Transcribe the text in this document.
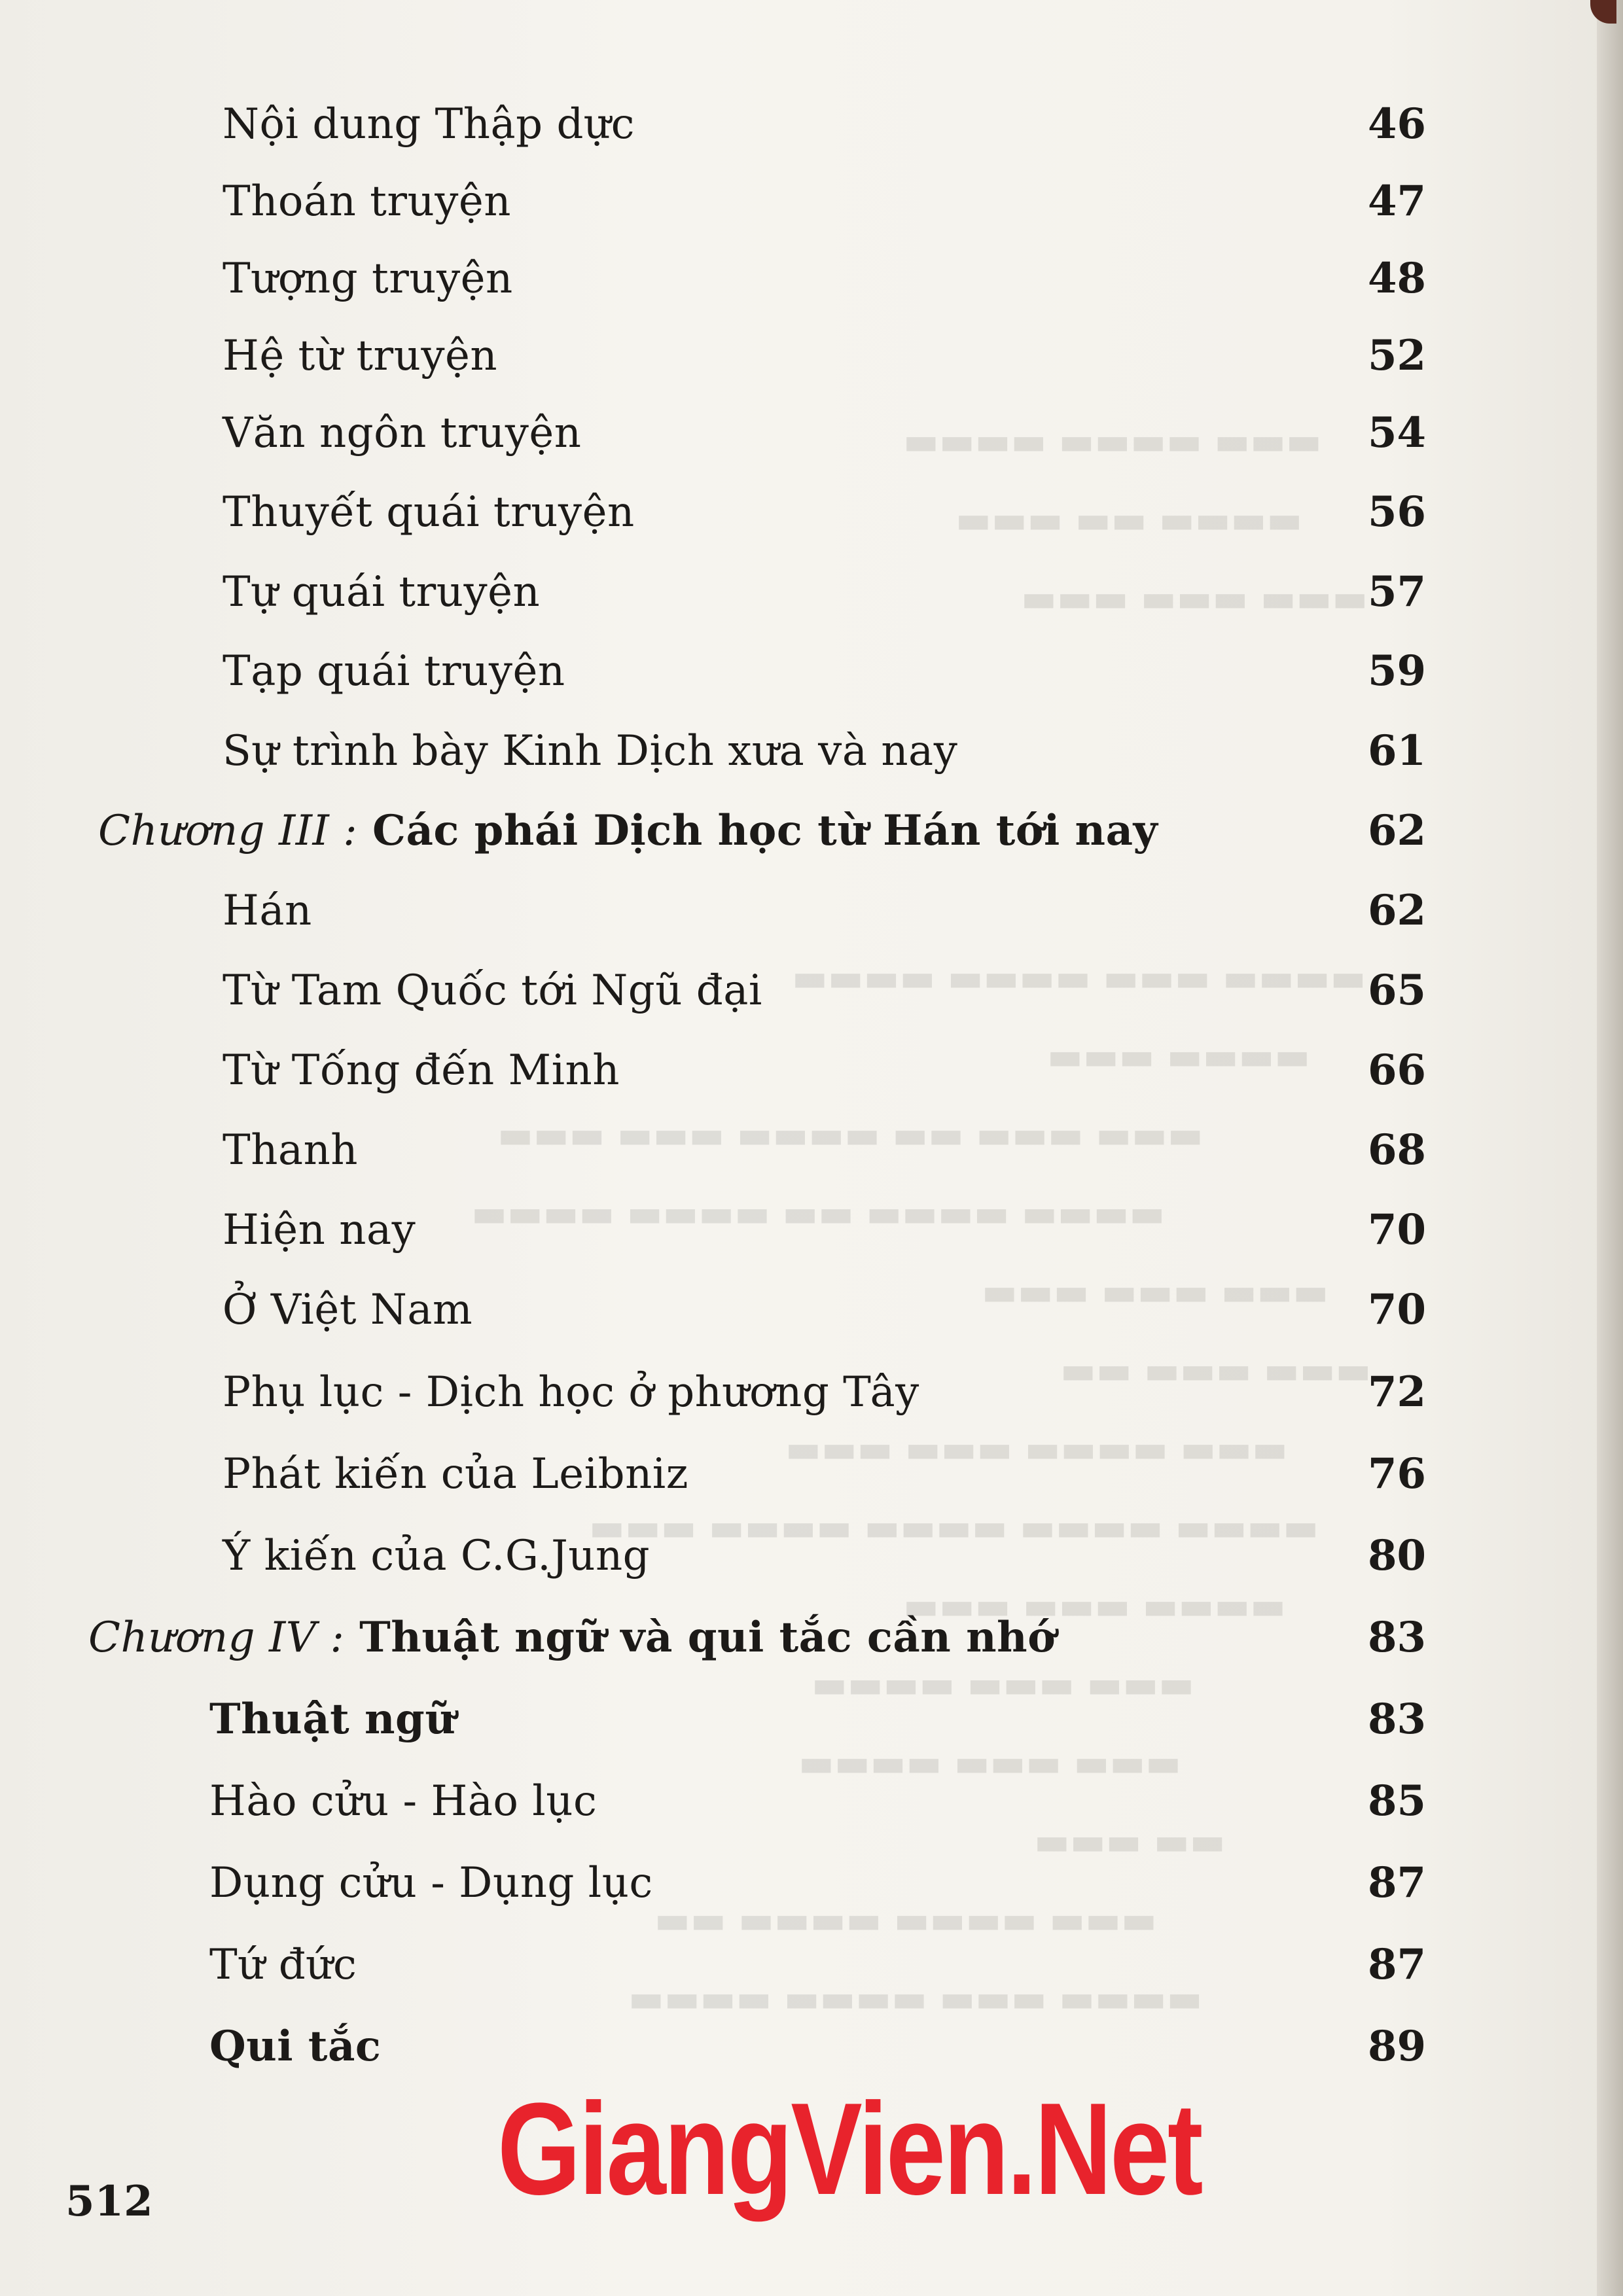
▬▬▬ ▬▬▬▬ ▬▬▬▬
▬▬▬▬ ▬▬ ▬▬▬
▬▬▬ ▬▬▬ ▬▬▬
▬▬▬▬ ▬▬▬ ▬▬▬▬ ▬▬▬▬
▬▬▬▬ ▬▬▬
▬▬▬ ▬▬▬ ▬▬ ▬▬▬▬ ▬▬▬ ▬▬▬
▬▬▬▬ ▬▬▬▬ ▬▬ ▬▬▬▬ ▬▬▬▬
▬▬▬ ▬▬▬ ▬▬▬
▬▬▬ ▬▬▬ ▬▬
▬▬▬ ▬▬▬▬ ▬▬▬ ▬▬▬
▬▬▬▬ ▬▬▬▬ ▬▬▬▬ ▬▬▬▬ ▬▬▬
▬▬▬▬ ▬▬▬ ▬▬▬
▬▬▬ ▬▬▬ ▬▬▬▬
▬▬▬ ▬▬▬ ▬▬▬▬
▬▬ ▬▬▬
▬▬▬ ▬▬▬▬ ▬▬▬▬ ▬▬
▬▬▬▬ ▬▬▬ ▬▬▬▬ ▬▬▬▬
Nội dung Thập dực	46
Thoán truyện	47
Tượng truyện	48
Hệ từ truyện	52
Văn ngôn truyện	54
Thuyết quái truyện	56
Tự quái truyện	57
Tạp quái truyện	59
Sự trình bày Kinh Dịch xưa và nay	61
Chương III : Các phái Dịch học từ Hán tới nay	62
Hán	62
Từ Tam Quốc tới Ngũ đại	65
Từ Tống đến Minh	66
Thanh	68
Hiện nay	70
Ở Việt Nam	70
Phụ lục - Dịch học ở phương Tây	72
Phát kiến của Leibniz	76
Ý kiến của C.G.Jung	80
Chương IV : Thuật ngữ và qui tắc cần nhớ	83
Thuật ngữ	83
Hào cửu - Hào lục	85
Dụng cửu - Dụng lục	87
Tứ đức	87
Qui tắc	89
GiangVien.Net
512
